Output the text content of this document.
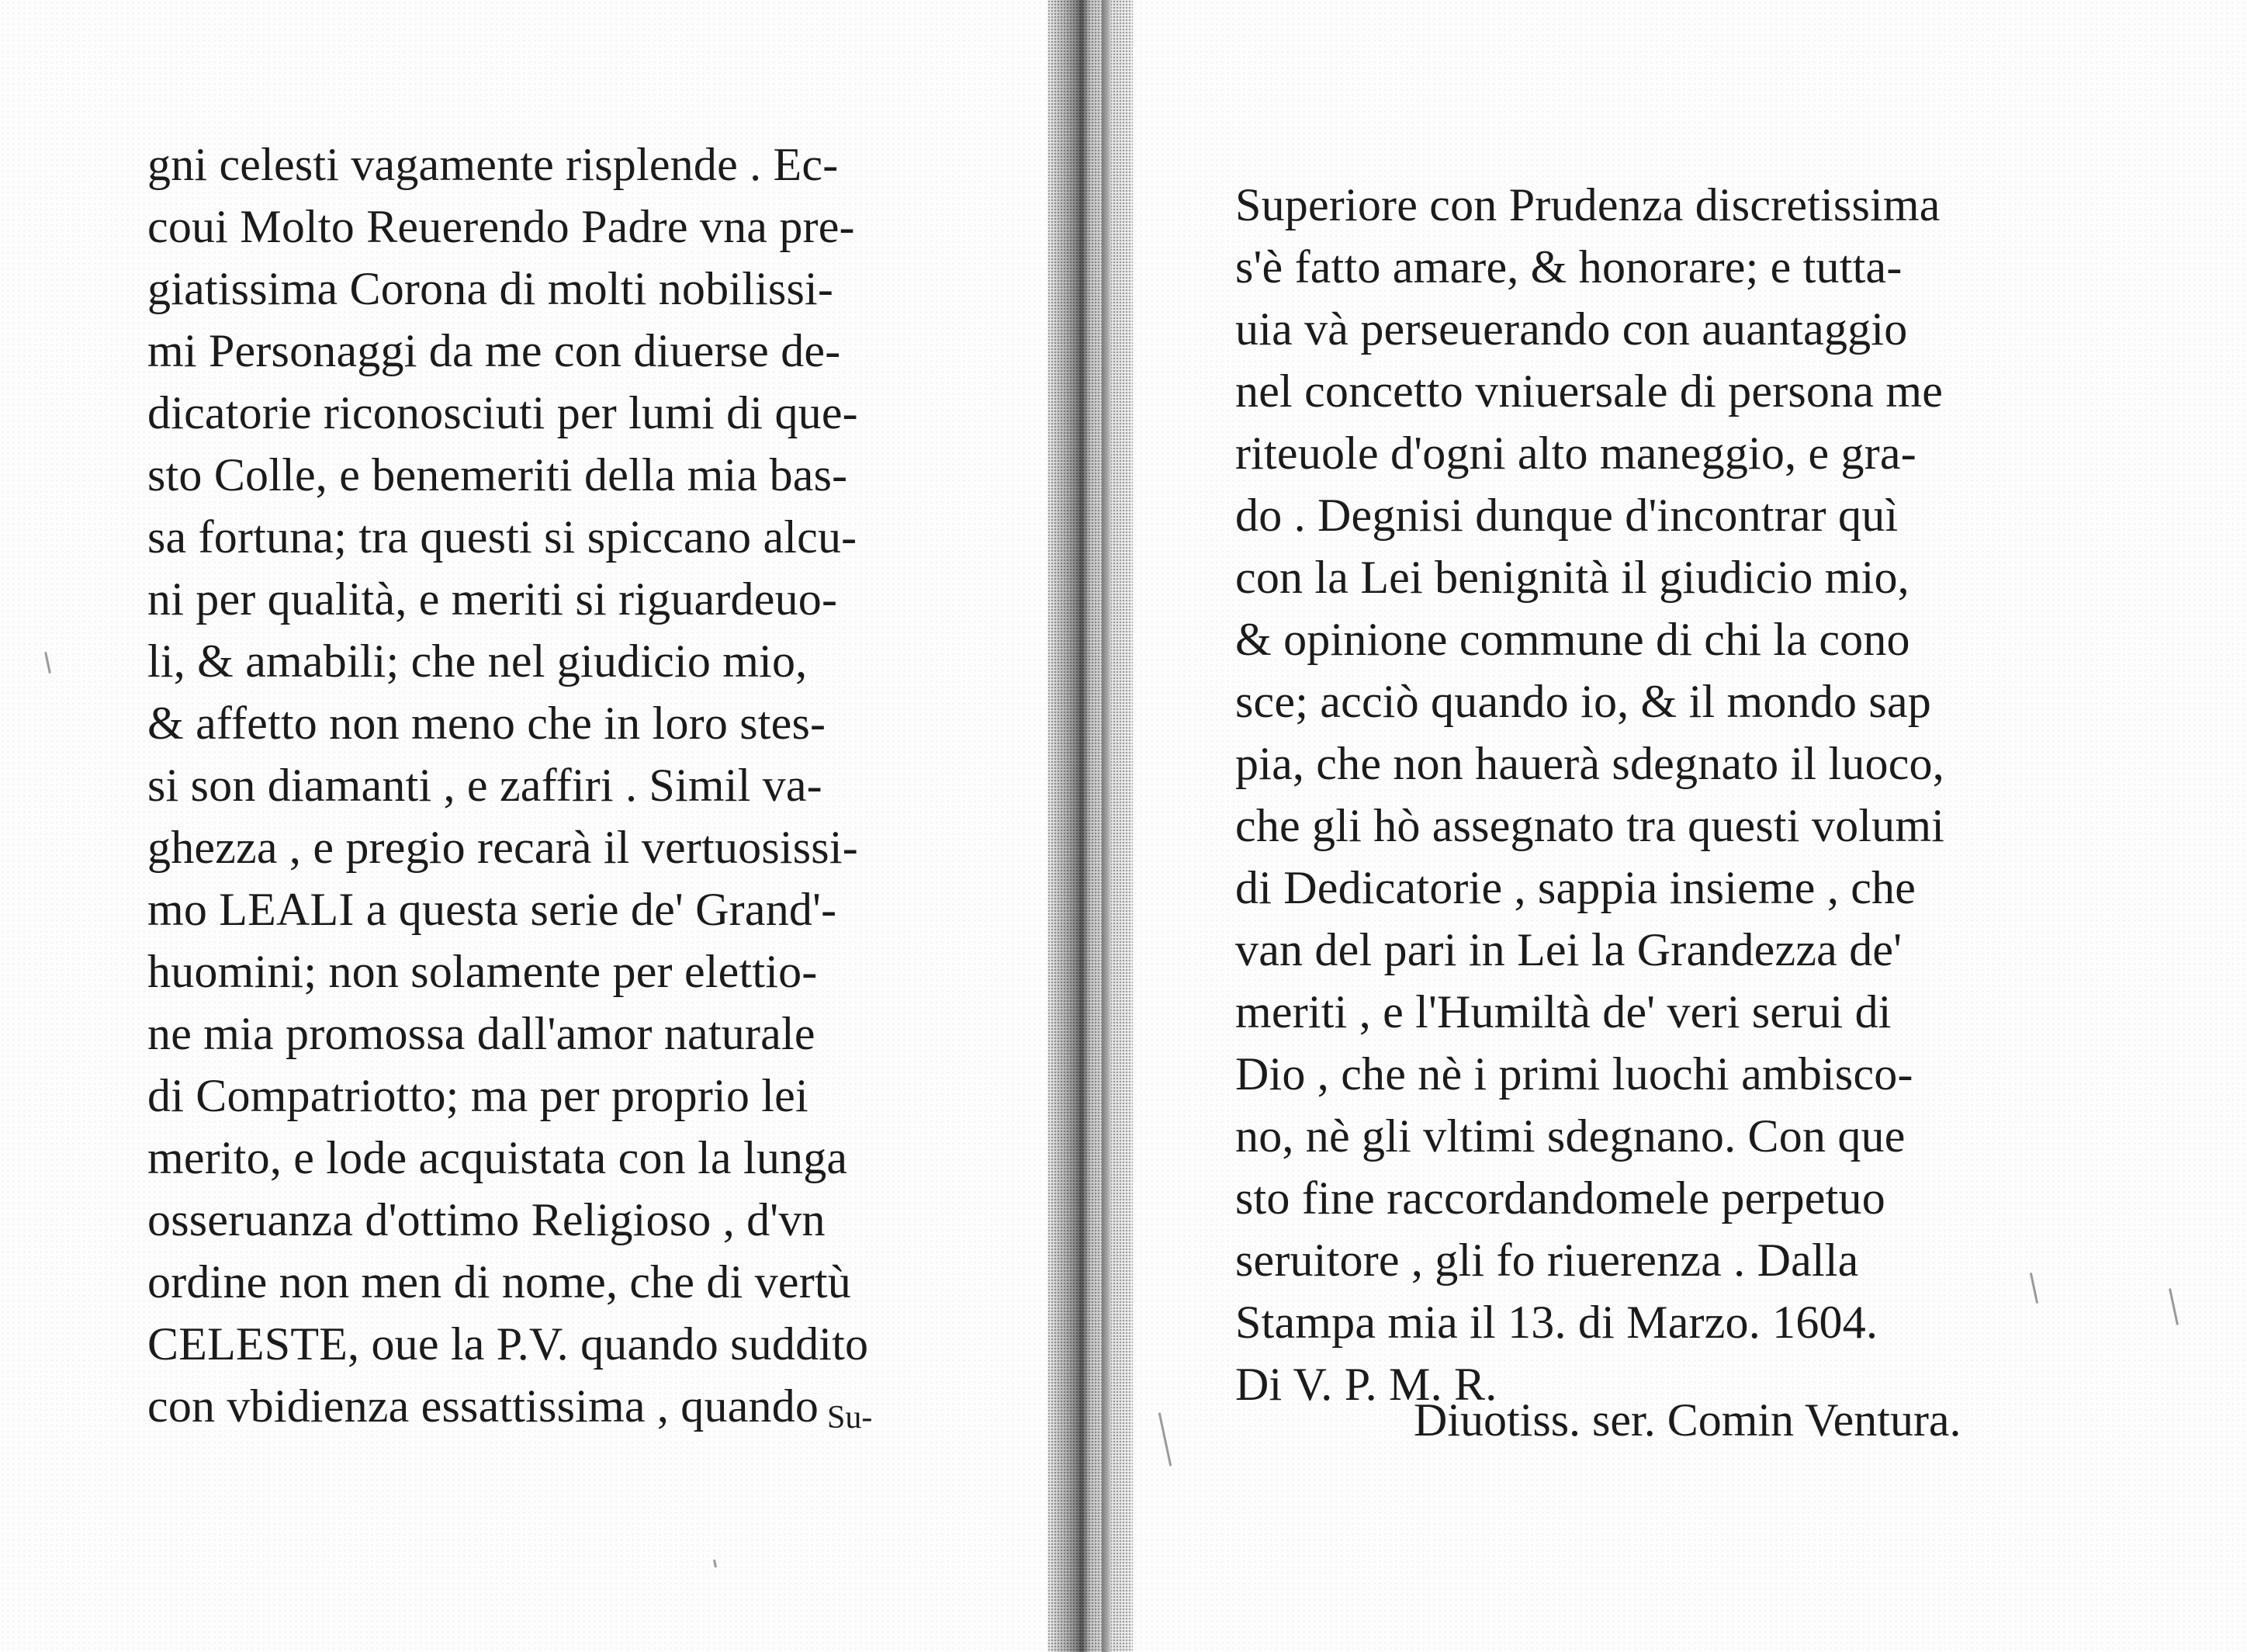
gni celesti vagamente risplende . Ec-
coui Molto Reuerendo Padre vna pre-
giatissima Corona di molti nobilissi-
mi Personaggi da me con diuerse de-
dicatorie riconosciuti per lumi di que-
sto Colle, e benemeriti della mia bas-
sa fortuna; tra questi si spiccano alcu-
ni per qualità, e meriti si riguardeuo-
li, & amabili; che nel giudicio mio,
& affetto non meno che in loro stes-
si son diamanti , e zaffiri . Simil va-
ghezza , e pregio recarà il vertuosissi-
mo LEALI a questa serie de' Grand'-
huomini; non solamente per elettio-
ne mia promossa dall'amor naturale
di Compatriotto; ma per proprio lei
merito, e lode acquistata con la lunga
osseruanza d'ottimo Religioso , d'vn
ordine non men di nome, che di vertù
CELESTE, oue la P.V. quando suddito
con vbidienza essattissima , quando Su-
Superiore con Prudenza discretissima
s'è fatto amare, & honorare; e tutta-
uia và perseuerando con auantaggio
nel concetto vniuersale di persona me
riteuole d'ogni alto maneggio, e gra-
do . Degnisi dunque d'incontrar quì
con la Lei benignità il giudicio mio,
& opinione commune di chi la cono
sce; acciò quando io, & il mondo sap
pia, che non hauerà sdegnato il luoco,
che gli hò assegnato tra questi volumi
di Dedicatorie , sappia insieme , che
van del pari in Lei la Grandezza de'
meriti , e l'Humiltà de' veri serui di
Dio , che nè i primi luochi ambisco-
no, nè gli vltimi sdegnano. Con que
sto fine raccordandomele perpetuo
seruitore , gli fo riuerenza . Dalla
Stampa mia il 13. di Marzo. 1604.
Di V. P. M. R.
Diuotiss. ser. Comin Ventura.
